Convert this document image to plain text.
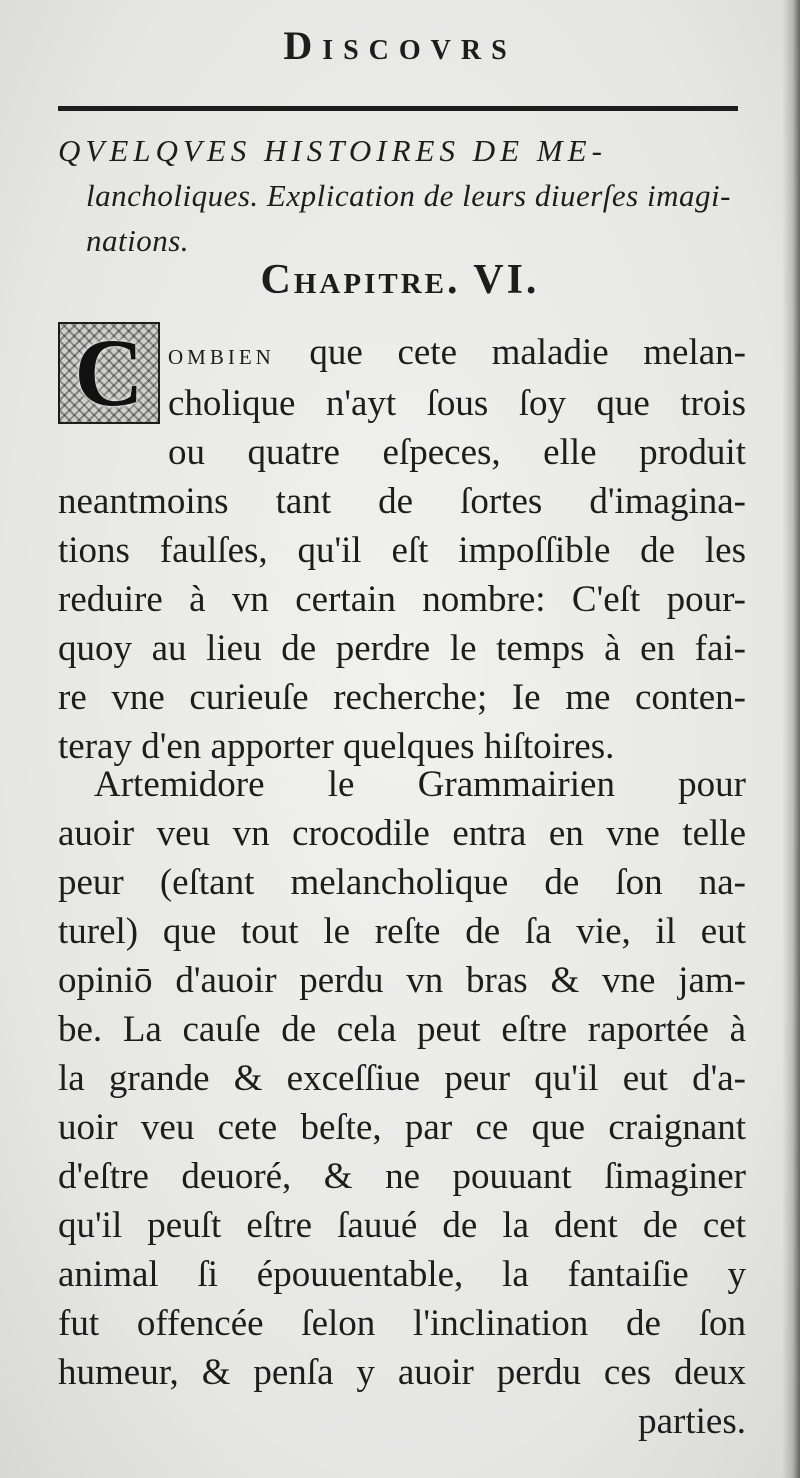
Discovrs
QVELQVES HISTOIRES DE ME-
lancholiques. Explication de leurs diuerſes imagi-
nations.
Chapitre. VI.
C ombien que cete maladie melan-
cholique n'ayt ſous ſoy que trois
ou quatre eſpeces, elle produit
neantmoins tant de ſortes d'imagina-
tions faulſes, qu'il eſt impoſſible de les
reduire à vn certain nombre: C'eſt pour-
quoy au lieu de perdre le temps à en fai-
re vne curieuſe recherche; Ie me conten-
teray d'en apporter quelques hiſtoires.
Artemidore le Grammairien pour
auoir veu vn crocodile entra en vne telle
peur (eſtant melancholique de ſon na-
turel) que tout le reſte de ſa vie, il eut
opiniō d'auoir perdu vn bras & vne jam-
be. La cauſe de cela peut eſtre raportée à
la grande & exceſſiue peur qu'il eut d'a-
uoir veu cete beſte, par ce que craignant
d'eſtre deuoré, & ne pouuant ſimaginer
qu'il peuſt eſtre ſauué de la dent de cet
animal ſi épouuentable, la fantaiſie y
fut offencée ſelon l'inclination de ſon
humeur, & penſa y auoir perdu ces deux
parties.
